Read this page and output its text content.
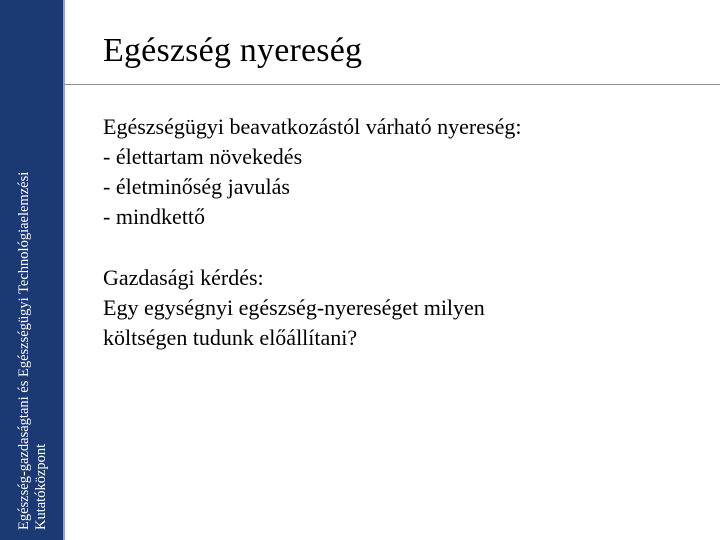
Egészség-gazdaságtani és Egészségügyi Technológiaelemzési Kutatóközpont
Egészség nyereség

Egészségügyi beavatkozástól várható nyereség:
- élettartam növekedés
- életminőség javulás
- mindkettő

Gazdasági kérdés:
Egy egységnyi egészség-nyereséget milyen
költségen tudunk előállítani?
